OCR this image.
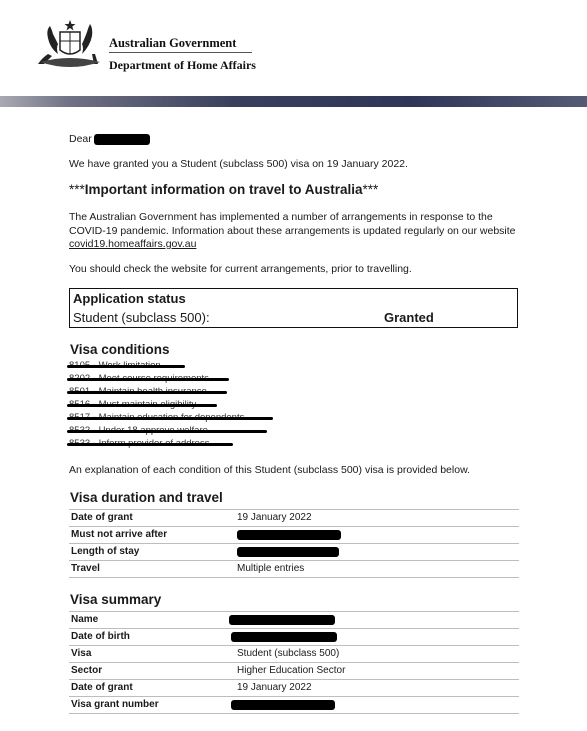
Australian Government
Department of Home Affairs
Dear
We have granted you a Student (subclass 500) visa on 19 January 2022.
***Important information on travel to Australia***
The Australian Government has implemented a number of arrangements in response to the COVID-19 pandemic. Information about these arrangements is updated regularly on our website covid19.homeaffairs.gov.au
You should check the website for current arrangements, prior to travelling.
Application status
Student (subclass 500):	Granted
Visa conditions
An explanation of each condition of this Student (subclass 500) visa is provided below.
Visa duration and travel
Date of grant	19 January 2022
Must not arrive after
Length of stay
Travel	Multiple entries
Visa summary
Name
Date of birth
Visa	Student (subclass 500)
Sector	Higher Education Sector
Date of grant	19 January 2022
Visa grant number
